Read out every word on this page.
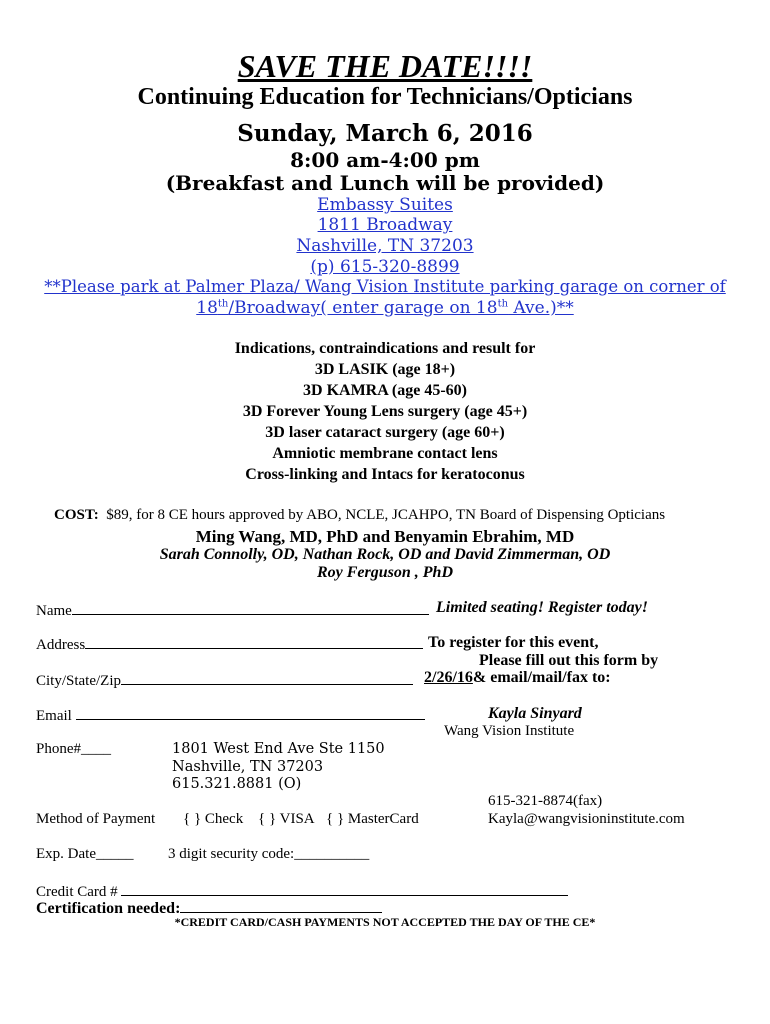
SAVE THE DATE!!!!
Continuing Education for Technicians/Opticians
Sunday, March 6, 2016
8:00 am-4:00 pm
(Breakfast and Lunch will be provided)
Embassy Suites
1811 Broadway
Nashville, TN 37203
(p) 615-320-8899
**Please park at Palmer Plaza/ Wang Vision Institute parking garage on corner of
18th/Broadway( enter garage on 18th Ave.)**
Indications, contraindications and result for
3D LASIK (age 18+)
3D KAMRA (age 45-60)
3D Forever Young Lens surgery (age 45+)
3D laser cataract surgery (age 60+)
Amniotic membrane contact lens
Cross-linking and Intacs for keratoconus
COST: $89, for 8 CE hours approved by ABO, NCLE, JCAHPO, TN Board of Dispensing Opticians
Ming Wang, MD, PhD and Benyamin Ebrahim, MD
Sarah Connolly, OD, Nathan Rock, OD and David Zimmerman, OD
Roy Ferguson , PhD
Name	Limited seating! Register today!
Address	To register for this event,
Please fill out this form by
City/State/Zip	2/26/16& email/mail/fax to:
Email	Kayla Sinyard
Wang Vision Institute
Phone#____	1801 West End Ave Ste 1150
Nashville, TN 37203
615.321.8881 (O)
615-321-8874(fax)
Kayla@wangvisioninstitute.com
Method of Payment { } Check { } VISA { } MasterCard
Exp. Date_____ 3 digit security code:__________
Credit Card #
Certification needed:
*CREDIT CARD/CASH PAYMENTS NOT ACCEPTED THE DAY OF THE CE*
